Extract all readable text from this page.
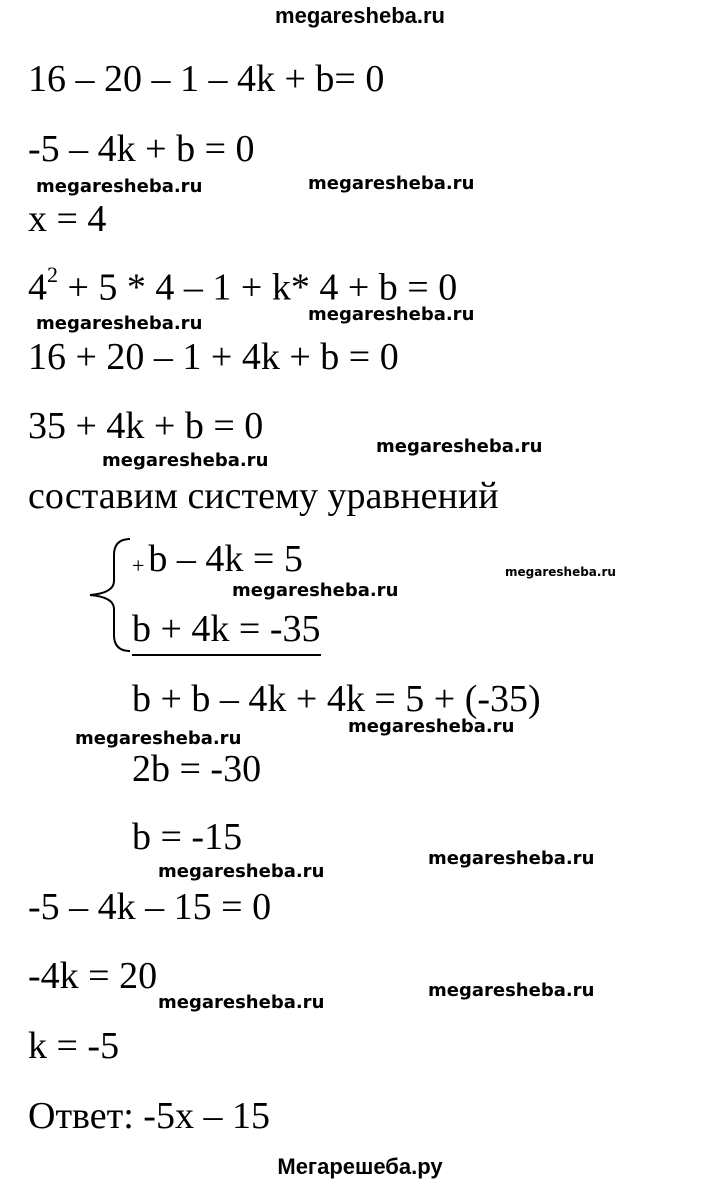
megaresheba.ru
16 – 20 – 1 – 4k + b= 0
-5 – 4k + b = 0
x = 4
$4^2 + 5 * 4 - 1 + k*$ 4 + b = 0
16 + 20 – 1 + 4k + b = 0
35 + 4k + b = 0
составим систему уравнений
+ b – 4k = 5
b + 4k = -35
b + b – 4k + 4k = 5 + (-35)
2b = -30
b = -15
-5 – 4k – 15 = 0
-4k = 20
k = -5
Ответ: -5x – 15
megaresheba.ru	megaresheba.ru
megaresheba.ru	megaresheba.ru
megaresheba.ru
megaresheba.ru
megaresheba.ru
megaresheba.ru
megaresheba.ru
megaresheba.ru
megaresheba.ru
megaresheba.ru
megaresheba.ru
megaresheba.ru
Мегарешеба.ру
